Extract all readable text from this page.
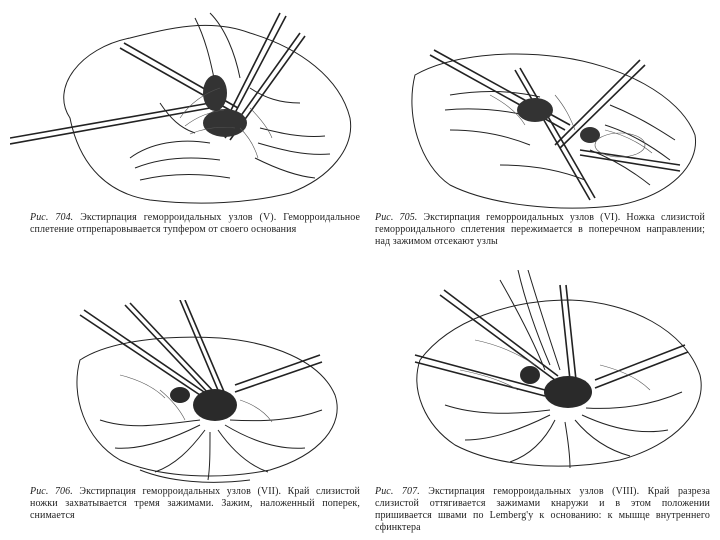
Рис. 704. Экстирпация геморроидальных узлов (V). Геморроидальное сплетение отпрепаровывается тупфером от своего основания
Рис. 705. Экстирпация геморроидальных узлов (VI). Ножка слизистой геморроидального сплетения пережимается в поперечном направлении; над зажимом отсекают узлы
Рис. 706. Экстирпация геморроидальных узлов (VII). Край слизистой ножки захватывается тремя зажимами. Зажим, наложенный поперек, снимается
Рис. 707. Экстирпация геморроидальных узлов (VIII). Край разреза слизистой оттягивается зажимами кнаружи и в этом положении пришивается швами по Lemberg'y к основанию: к мышце внутреннего сфинктера
